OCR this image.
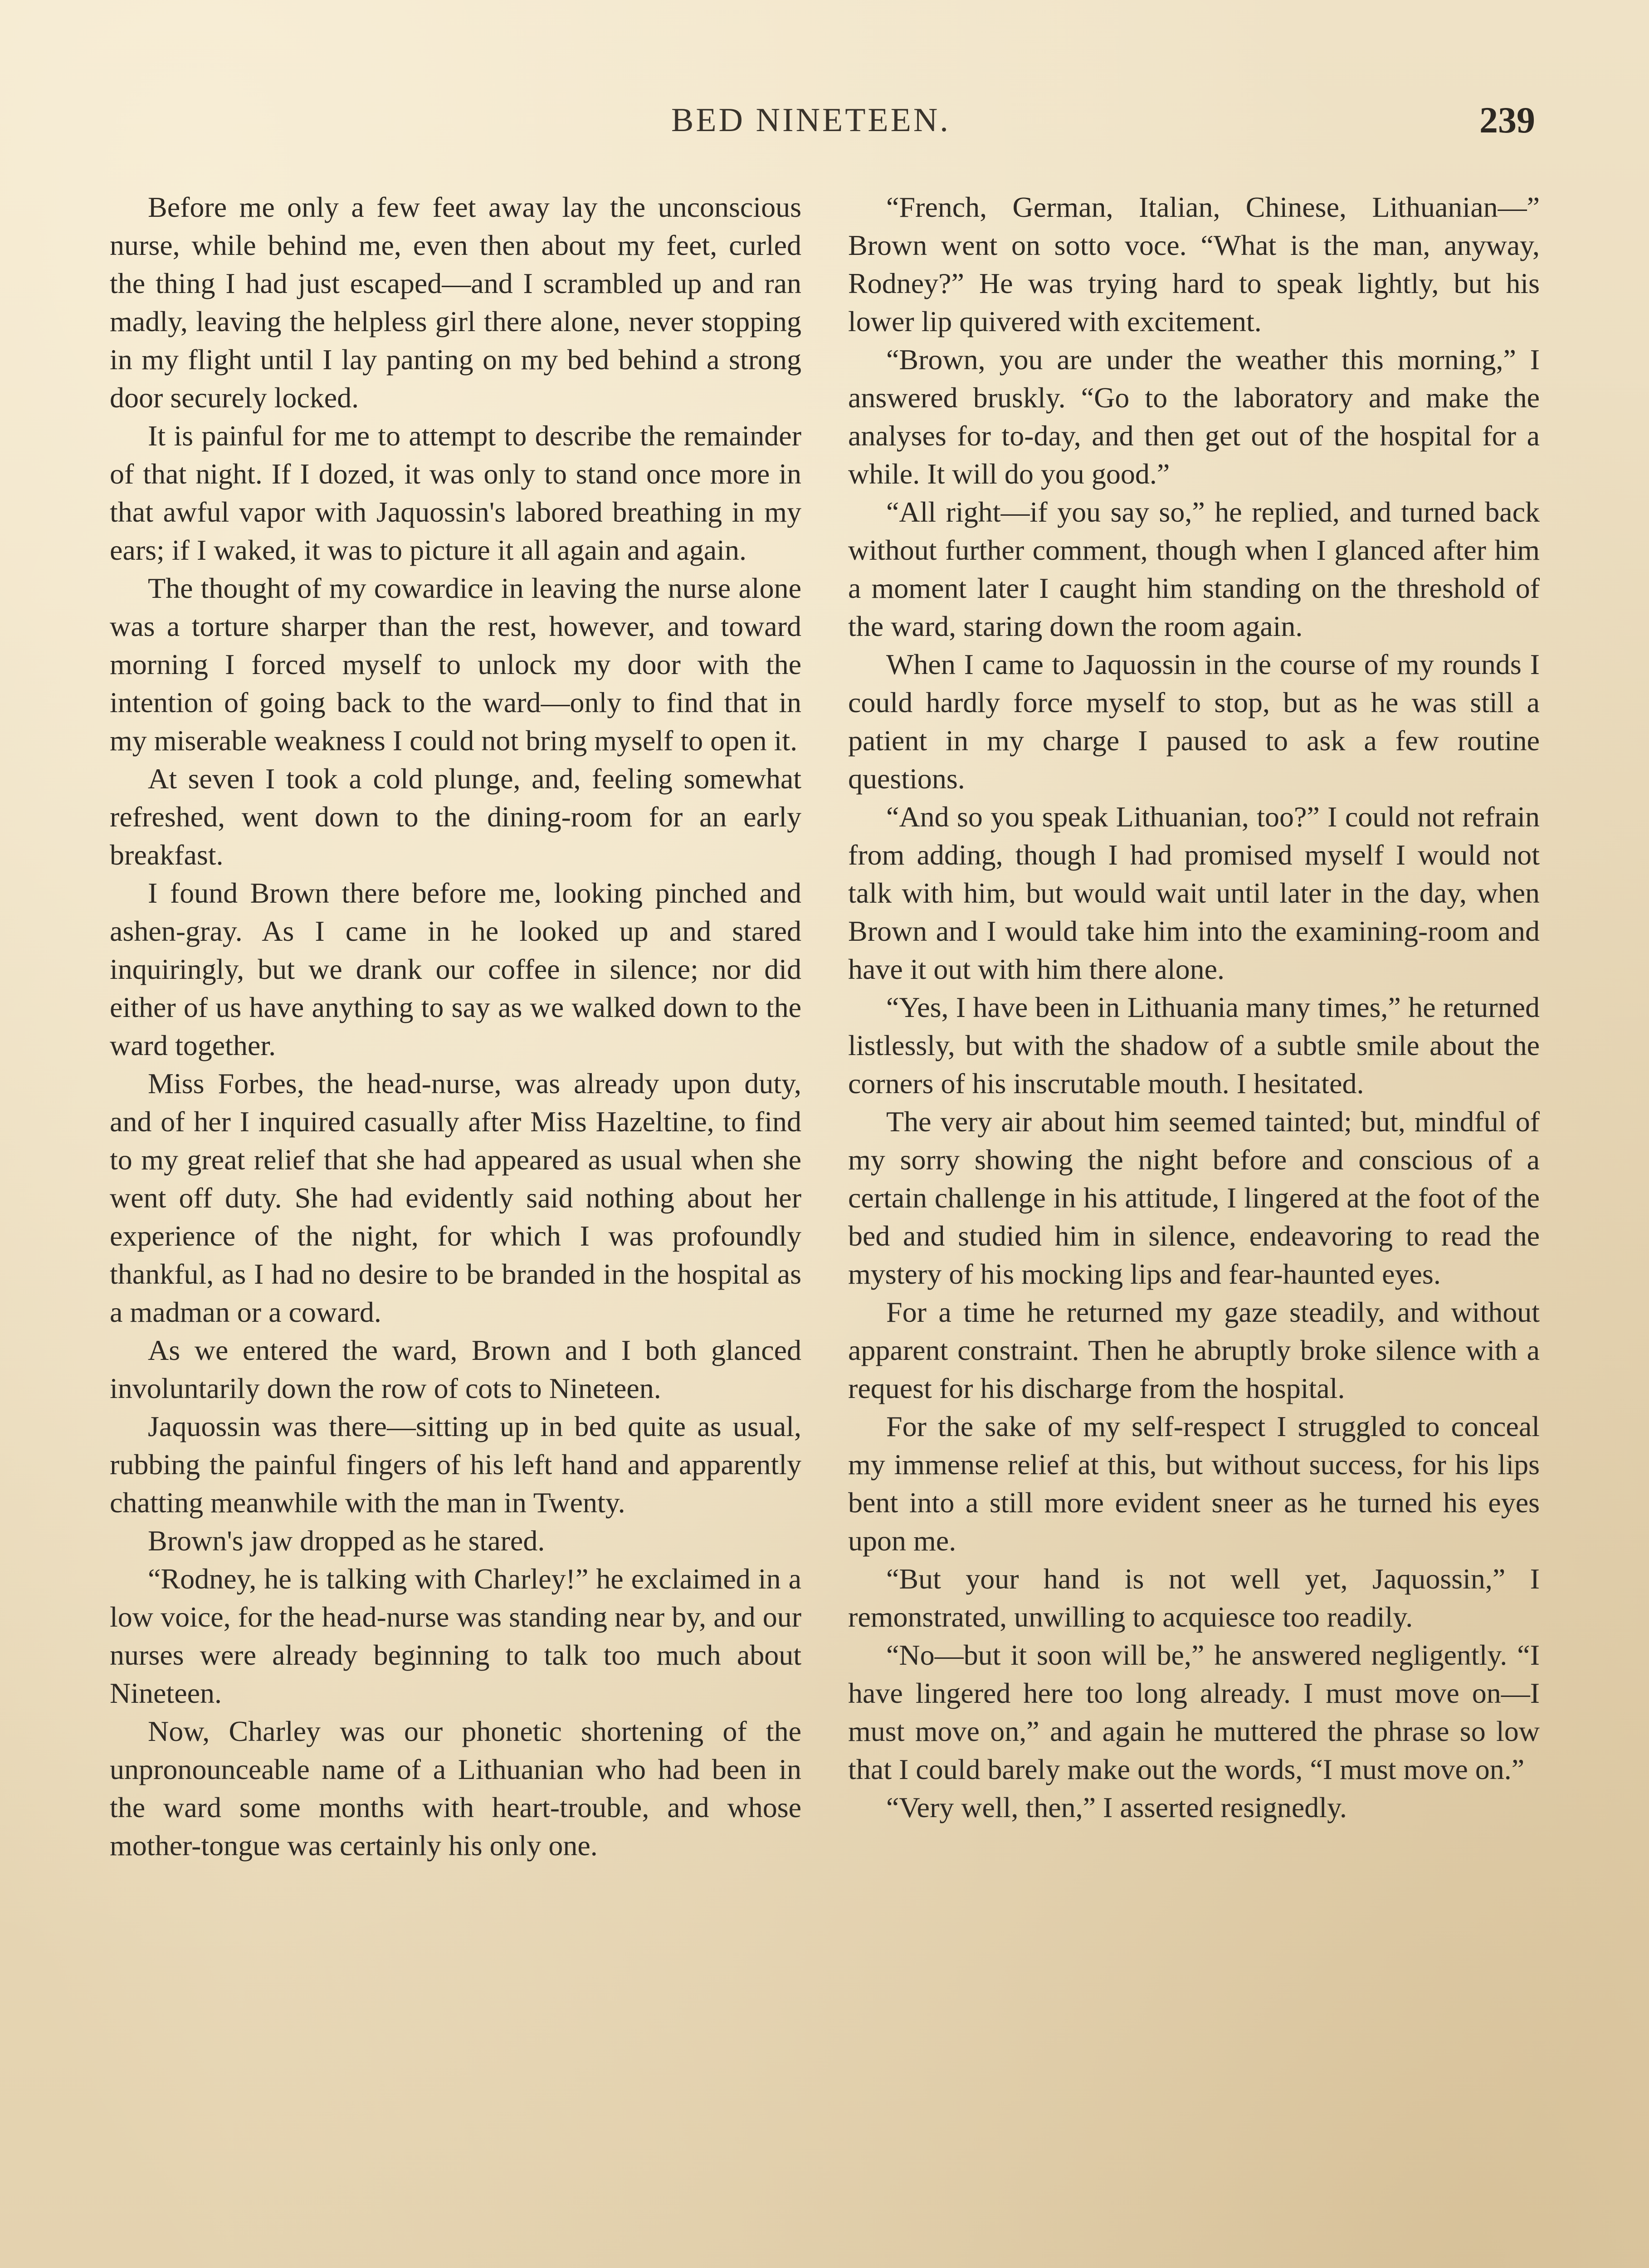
BED NINETEEN.	239

Before me only a few feet away lay the unconscious nurse, while behind me, even then about my feet, curled the thing I had just escaped—and I scrambled up and ran madly, leaving the helpless girl there alone, never stopping in my flight until I lay panting on my bed behind a strong door securely locked.

It is painful for me to attempt to describe the remainder of that night. If I dozed, it was only to stand once more in that awful vapor with Jaquossin's labored breathing in my ears; if I waked, it was to picture it all again and again.

The thought of my cowardice in leaving the nurse alone was a torture sharper than the rest, however, and toward morning I forced myself to unlock my door with the intention of going back to the ward—only to find that in my miserable weakness I could not bring myself to open it.

At seven I took a cold plunge, and, feeling somewhat refreshed, went down to the dining-room for an early breakfast.

I found Brown there before me, looking pinched and ashen-gray. As I came in he looked up and stared inquiringly, but we drank our coffee in silence; nor did either of us have anything to say as we walked down to the ward together.

Miss Forbes, the head-nurse, was already upon duty, and of her I inquired casually after Miss Hazeltine, to find to my great relief that she had appeared as usual when she went off duty. She had evidently said nothing about her experience of the night, for which I was profoundly thankful, as I had no desire to be branded in the hospital as a madman or a coward.

As we entered the ward, Brown and I both glanced involuntarily down the row of cots to Nineteen.

Jaquossin was there—sitting up in bed quite as usual, rubbing the painful fingers of his left hand and apparently chatting meanwhile with the man in Twenty.

Brown's jaw dropped as he stared.

“Rodney, he is talking with Charley!” he exclaimed in a low voice, for the head-nurse was standing near by, and our nurses were already beginning to talk too much about Nineteen.

Now, Charley was our phonetic shortening of the unpronounceable name of a Lithuanian who had been in the ward some months with heart-trouble, and whose mother-tongue was certainly his only one.

“French, German, Italian, Chinese, Lithuanian—” Brown went on sotto voce. “What is the man, anyway, Rodney?” He was trying hard to speak lightly, but his lower lip quivered with excitement.

“Brown, you are under the weather this morning,” I answered bruskly. “Go to the laboratory and make the analyses for to-day, and then get out of the hospital for a while. It will do you good.”

“All right—if you say so,” he replied, and turned back without further comment, though when I glanced after him a moment later I caught him standing on the threshold of the ward, staring down the room again.

When I came to Jaquossin in the course of my rounds I could hardly force myself to stop, but as he was still a patient in my charge I paused to ask a few routine questions.

“And so you speak Lithuanian, too?” I could not refrain from adding, though I had promised myself I would not talk with him, but would wait until later in the day, when Brown and I would take him into the examining-room and have it out with him there alone.

“Yes, I have been in Lithuania many times,” he returned listlessly, but with the shadow of a subtle smile about the corners of his inscrutable mouth. I hesitated.

The very air about him seemed tainted; but, mindful of my sorry showing the night before and conscious of a certain challenge in his attitude, I lingered at the foot of the bed and studied him in silence, endeavoring to read the mystery of his mocking lips and fear-haunted eyes.

For a time he returned my gaze steadily, and without apparent constraint. Then he abruptly broke silence with a request for his discharge from the hospital.

For the sake of my self-respect I struggled to conceal my immense relief at this, but without success, for his lips bent into a still more evident sneer as he turned his eyes upon me.

“But your hand is not well yet, Jaquossin,” I remonstrated, unwilling to acquiesce too readily.

“No—but it soon will be,” he answered negligently. “I have lingered here too long already. I must move on—I must move on,” and again he muttered the phrase so low that I could barely make out the words, “I must move on.”

“Very well, then,” I asserted resignedly.
